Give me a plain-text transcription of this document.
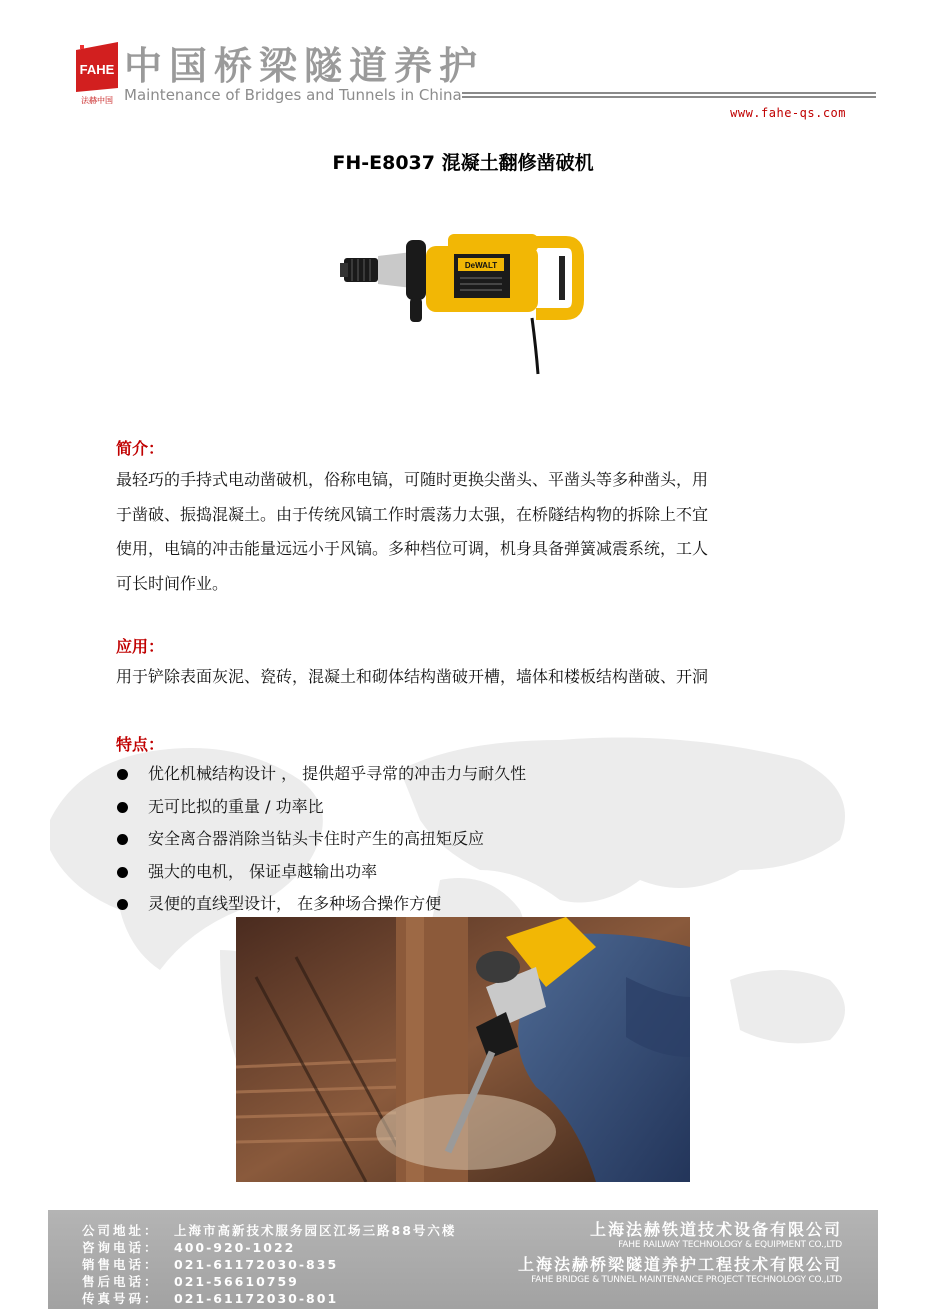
FAHE
法赫中国
中国桥梁隧道养护
Maintenance of Bridges and Tunnels in China
www.fahe-qs.com
FH-E8037 混凝土翻修凿破机
DeWALT
简介：
最轻巧的手持式电动凿破机，俗称电镐，可随时更换尖凿头、平凿头等多种凿头，用
于凿破、振捣混凝土。由于传统风镐工作时震荡力太强，在桥隧结构物的拆除上不宜
使用，电镐的冲击能量远远小于风镐。多种档位可调，机身具备弹簧减震系统，工人
可长时间作业。
应用：
用于铲除表面灰泥、瓷砖，混凝土和砌体结构凿破开槽，墙体和楼板结构凿破、开洞
特点：
优化机械结构设计 ， 提供超乎寻常的冲击力与耐久性
无可比拟的重量 / 功率比
安全离合器消除当钻头卡住时产生的高扭矩反应
强大的电机， 保证卓越输出功率
灵便的直线型设计， 在多种场合操作方便
公司地址： 上海市高新技术服务园区江场三路88号六楼
咨询电话： 400-920-1022
销售电话： 021-61172030-835
售后电话： 021-56610759
传真号码： 021-61172030-801
上海法赫铁道技术设备有限公司
FAHE RAILWAY TECHNOLOGY & EQUIPMENT CO.,LTD
上海法赫桥梁隧道养护工程技术有限公司
FAHE BRIDGE & TUNNEL MAINTENANCE PROJECT TECHNOLOGY CO.,LTD
